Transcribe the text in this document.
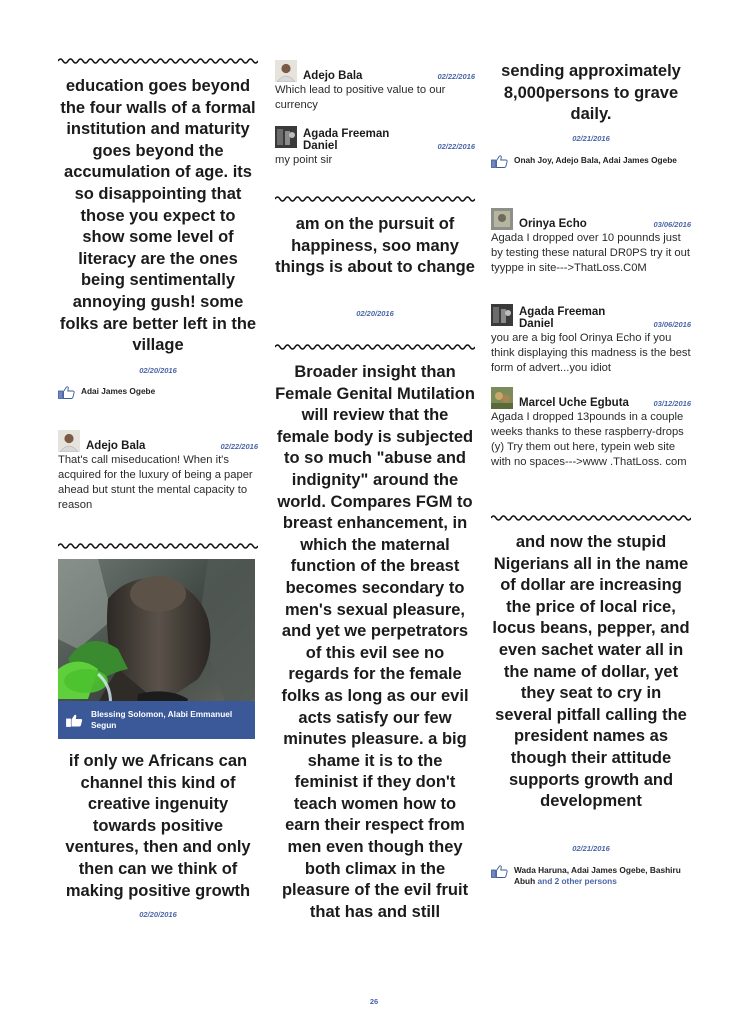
education goes beyond the four walls of a formal institution and maturity goes beyond the accumulation of age. its so disappointing that those you expect to show some level of literacy are the ones being sentimentally annoying gush! some folks are better left in the village
02/20/2016
Adai James Ogebe
Adejo Bala	02/22/2016
That's call miseducation! When it's acquired for the luxury of being a paper ahead but stunt the mental capacity to reason
Blessing Solomon, Alabi Emmanuel Segun
if only we Africans can channel this kind of creative ingenuity towards positive ventures, then and only then can we think of making positive growth
02/20/2016
Adejo Bala	02/22/2016
Which lead to positive value to our currency
Agada Freeman
Daniel	02/22/2016
my point sir
am on the pursuit of happiness, soo many things is about to change
02/20/2016
Broader insight than Female Genital Mutilation will review that the female body is subjected to so much "abuse and indignity" around the world. Compares FGM to breast enhancement, in which the maternal function of the breast becomes secondary to men's sexual pleasure, and yet we perpetrators of this evil see no regards for the female folks as long as our evil acts satisfy our few minutes pleasure. a big shame it is to the feminist if they don't teach women how to earn their respect from men even though they both climax in the pleasure of the evil fruit that has and still
sending approximately 8,000persons to grave daily.
02/21/2016
Onah Joy, Adejo Bala, Adai James Ogebe
Orinya Echo	03/06/2016
Agada I dropped over 10 pounnds just by testing these natural DR0PS try it out tyyppe in site--->ThatLoss.C0M
Agada Freeman
Daniel	03/06/2016
you are a big fool Orinya Echo if you think displaying this madness is the best form of advert...you idiot
Marcel Uche Egbuta	03/12/2016
Agada I dropped 13pounds in a couple weeks thanks to these raspberry-drops (y) Try them out here, typein web site with no spaces--->www .ThatLoss. com
and now the stupid Nigerians all in the name of dollar are increasing the price of local rice, locus beans, pepper, and even sachet water all in the name of dollar, yet they seat to cry in several pitfall calling the president names as though their attitude supports growth and development
02/21/2016
Wada Haruna, Adai James Ogebe, Bashiru Abuh and 2 other persons
26
